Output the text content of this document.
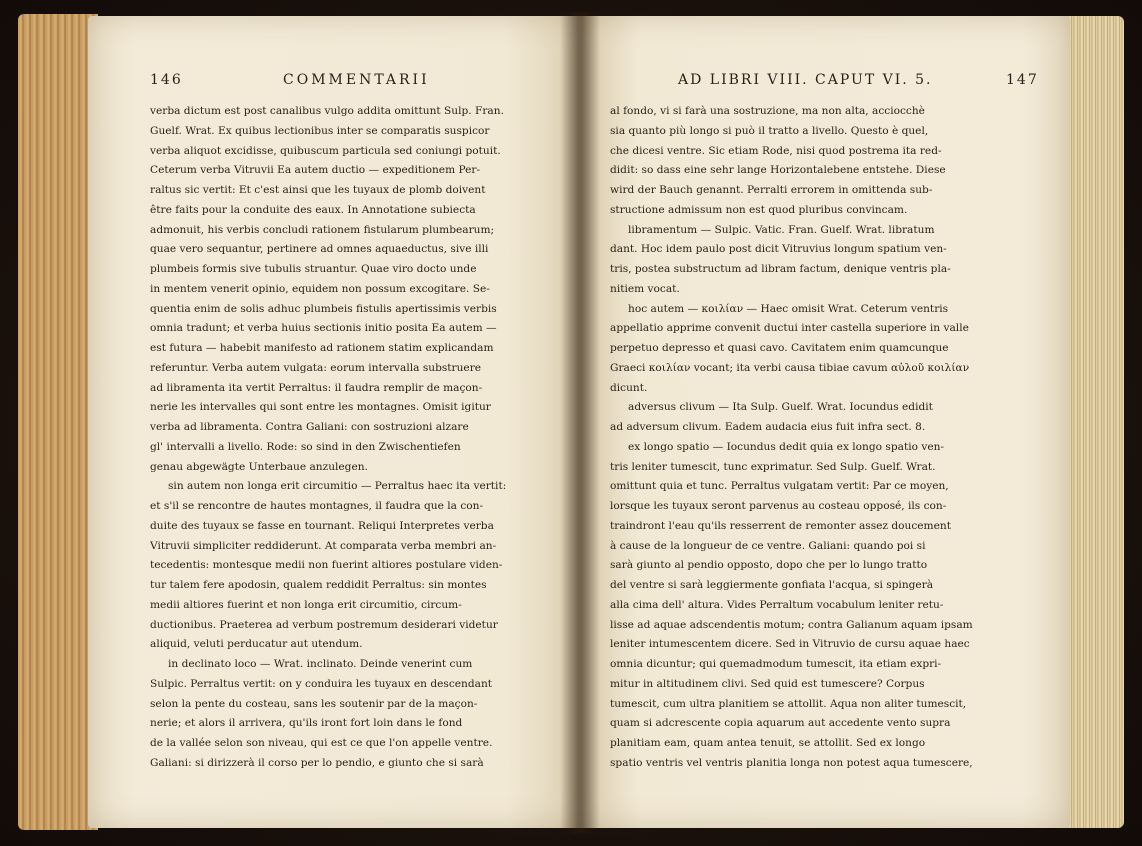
146	COMMENTARII
verba dictum est post canalibus vulgo addita omittunt Sulp. Fran.
Guelf. Wrat. Ex quibus lectionibus inter se comparatis suspicor
verba aliquot excidisse, quibuscum particula sed coniungi potuit.
Ceterum verba Vitruvii Ea autem ductio — expeditionem Per-
raltus sic vertit: Et c'est ainsi que les tuyaux de plomb doivent
être faits pour la conduite des eaux. In Annotatione subiecta
admonuit, his verbis concludi rationem fistularum plumbearum;
quae vero sequantur, pertinere ad omnes aquaeductus, sive illi
plumbeis formis sive tubulis struantur. Quae viro docto unde
in mentem venerit opinio, equidem non possum excogitare. Se-
quentia enim de solis adhuc plumbeis fistulis apertissimis verbis
omnia tradunt; et verba huius sectionis initio posita Ea autem —
est futura — habebit manifesto ad rationem statim explicandam
referuntur. Verba autem vulgata: eorum intervalla substruere
ad libramenta ita vertit Perraltus: il faudra remplir de maçon-
nerie les intervalles qui sont entre les montagnes. Omisit igitur
verba ad libramenta. Contra Galiani: con sostruzioni alzare
gl' intervalli a livello. Rode: so sind in den Zwischentiefen
genau abgewägte Unterbaue anzulegen.
sin autem non longa erit circumitio — Perraltus haec ita vertit:
et s'il se rencontre de hautes montagnes, il faudra que la con-
duite des tuyaux se fasse en tournant. Reliqui Interpretes verba
Vitruvii simpliciter reddiderunt. At comparata verba membri an-
tecedentis: montesque medii non fuerint altiores postulare viden-
tur talem fere apodosin, qualem reddidit Perraltus: sin montes
medii altiores fuerint et non longa erit circumitio, circum-
ductionibus. Praeterea ad verbum postremum desiderari videtur
aliquid, veluti perducatur aut utendum.
in declinato loco — Wrat. inclinato. Deinde venerint cum
Sulpic. Perraltus vertit: on y conduira les tuyaux en descendant
selon la pente du costeau, sans les soutenir par de la maçon-
nerie; et alors il arrivera, qu'ils iront fort loin dans le fond
de la vallée selon son niveau, qui est ce que l'on appelle ventre.
Galiani: si dirizzerà il corso per lo pendio, e giunto che si sarà
AD LIBRI VIII. CAPUT VI. 5.	147
al fondo, vi si farà una sostruzione, ma non alta, acciocchè
sia quanto più longo si può il tratto a livello. Questo è quel,
che dicesi ventre. Sic etiam Rode, nisi quod postrema ita red-
didit: so dass eine sehr lange Horizontalebene entstehe. Diese
wird der Bauch genannt. Perralti errorem in omittenda sub-
structione admissum non est quod pluribus convincam.
libramentum — Sulpic. Vatic. Fran. Guelf. Wrat. libratum
dant. Hoc idem paulo post dicit Vitruvius longum spatium ven-
tris, postea substructum ad libram factum, denique ventris pla-
nitiem vocat.
hoc autem — κοιλίαν — Haec omisit Wrat. Ceterum ventris
appellatio apprime convenit ductui inter castella superiore in valle
perpetuo depresso et quasi cavo. Cavitatem enim quamcunque
Graeci κοιλίαν vocant; ita verbi causa tibiae cavum αὐλοῦ κοιλίαν
dicunt.
adversus clivum — Ita Sulp. Guelf. Wrat. Iocundus edidit
ad adversum clivum. Eadem audacia eius fuit infra sect. 8.
ex longo spatio — Iocundus dedit quia ex longo spatio ven-
tris leniter tumescit, tunc exprimatur. Sed Sulp. Guelf. Wrat.
omittunt quia et tunc. Perraltus vulgatam vertit: Par ce moyen,
lorsque les tuyaux seront parvenus au costeau opposé, ils con-
traindront l'eau qu'ils resserrent de remonter assez doucement
à cause de la longueur de ce ventre. Galiani: quando poi si
sarà giunto al pendio opposto, dopo che per lo lungo tratto
del ventre si sarà leggiermente gonfiata l'acqua, si spingerà
alla cima dell' altura. Vides Perraltum vocabulum leniter retu-
lisse ad aquae adscendentis motum; contra Galianum aquam ipsam
leniter intumescentem dicere. Sed in Vitruvio de cursu aquae haec
omnia dicuntur; qui quemadmodum tumescit, ita etiam expri-
mitur in altitudinem clivi. Sed quid est tumescere? Corpus
tumescit, cum ultra planitiem se attollit. Aqua non aliter tumescit,
quam si adcrescente copia aquarum aut accedente vento supra
planitiam eam, quam antea tenuit, se attollit. Sed ex longo
spatio ventris vel ventris planitia longa non potest aqua tumescere,
